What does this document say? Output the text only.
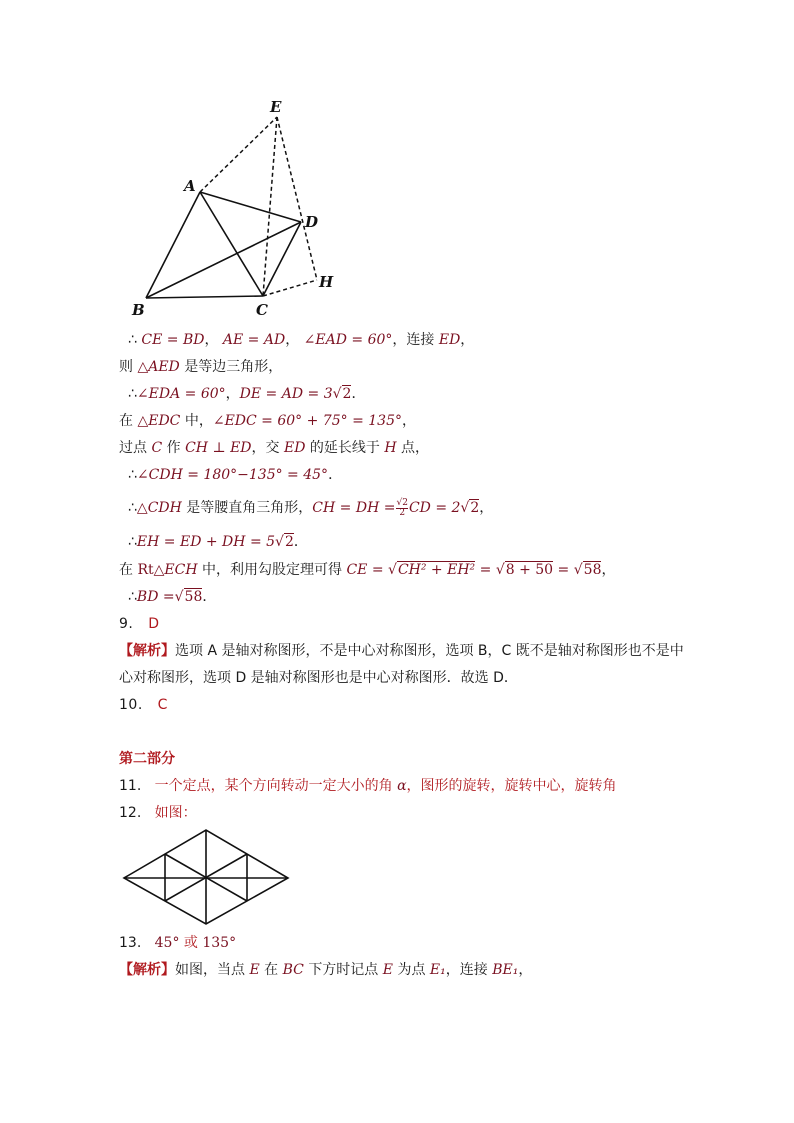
E
A
D
B	C
H
∴ CE = BD， AE = AD， ∠EAD = 60°，连接 ED，
则 △AED 是等边三角形，
∴∠EDA = 60°，DE = AD = 3√2．
在 △EDC 中，∠EDC = 60° + 75° = 135°，
过点 C 作 CH ⊥ ED，交 ED 的延长线于 H 点，
∴∠CDH = 180°−135° = 45°．
∴△CDH 是等腰直角三角形，CH = DH = $\frac{√2}{2}$ CD = 2√2，
∴EH = ED + DH = 5√2．
在 Rt△ECH 中，利用勾股定理可得 CE = √CH² + EH² = √8 + 50 = √58，
∴BD =√58．
9. D
【解析】选项 A 是轴对称图形，不是中心对称图形，选项 B，C 既不是轴对称图形也不是中
心对称图形，选项 D 是轴对称图形也是中心对称图形．故选 D．
10. C
第二部分
11. 一个定点，某个方向转动一定大小的角 α，图形的旋转，旋转中心，旋转角
12. 如图：
13. 45° 或 135°
【解析】如图，当点 E 在 BC 下方时记点 E 为点 E₁，连接 BE₁，
